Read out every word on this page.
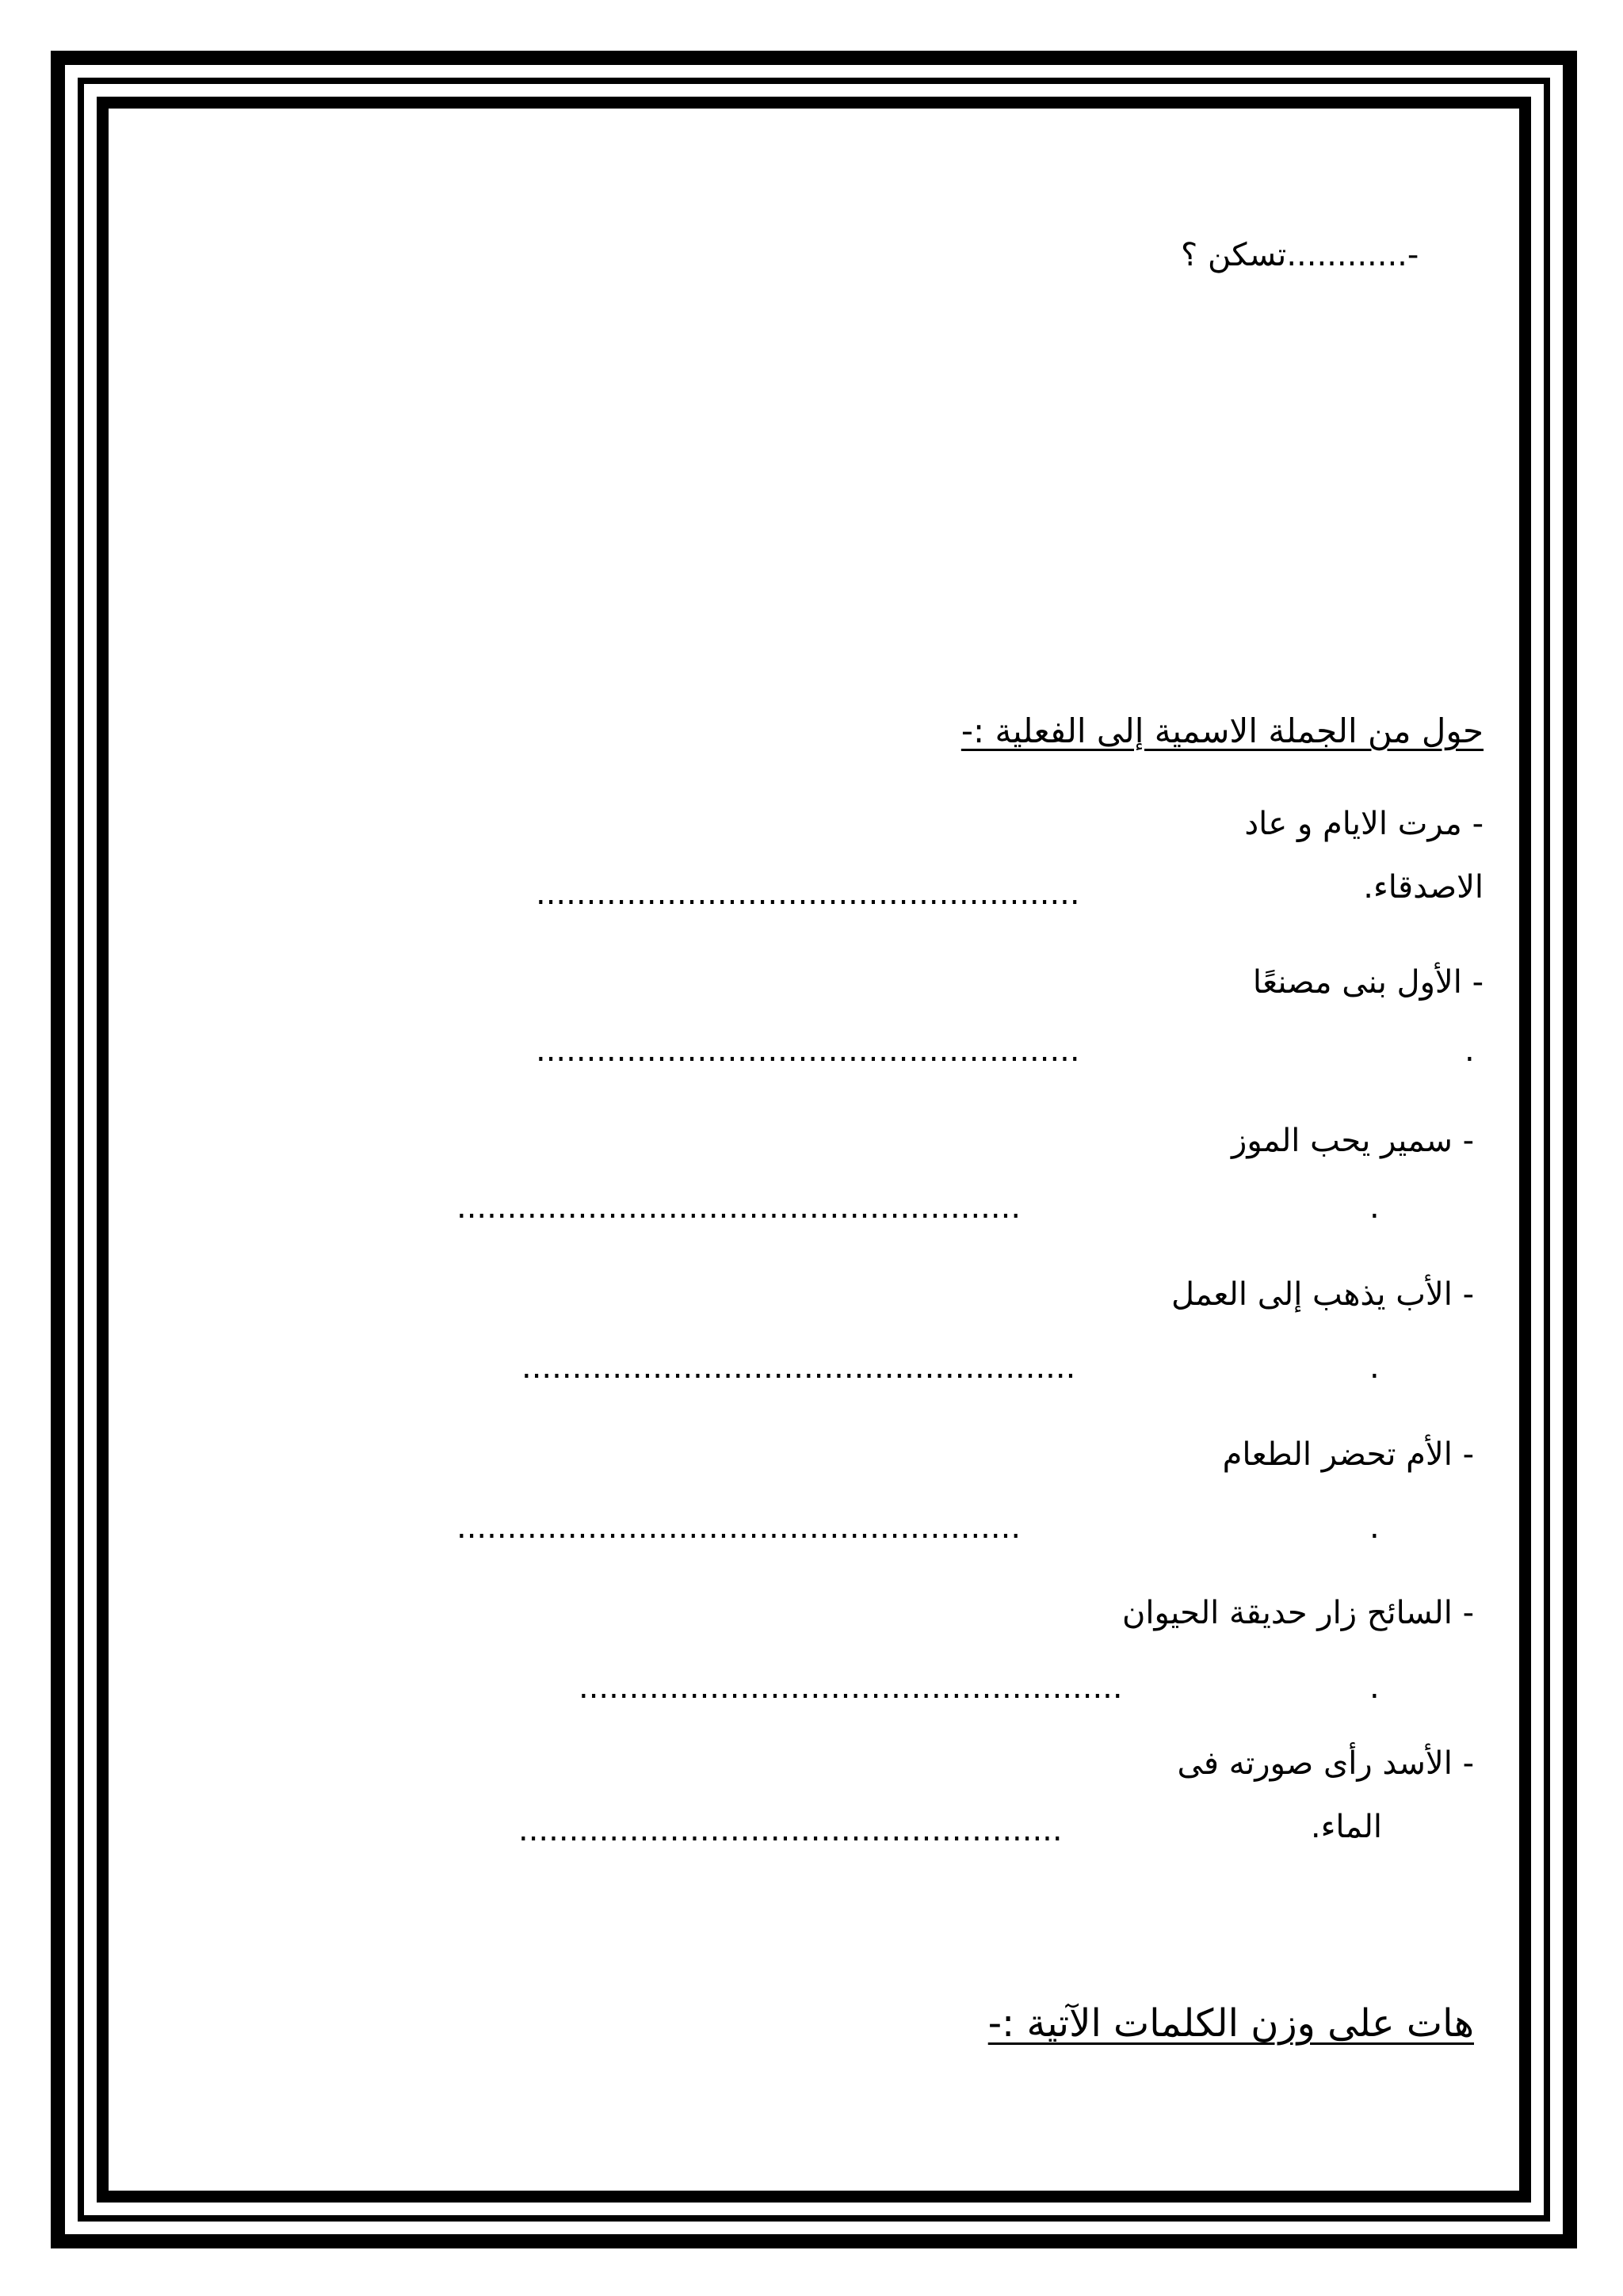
تسكن ؟............-
حول من الجملة الاسمية إلى الفعلية :-
- مرت الايام و عاد
الاصدقاء.
......................................................
- الأول بنى مصنعًا
.
......................................................
- سمير يحب الموز
.
........................................................
- الأب يذهب إلى العمل
.
.......................................................
- الأم تحضر الطعام
.
........................................................
- السائح زار حديقة الحيوان
.
......................................................
- الأسد رأى صورته فى
الماء.
......................................................
هات على وزن الكلمات الآتية :-
